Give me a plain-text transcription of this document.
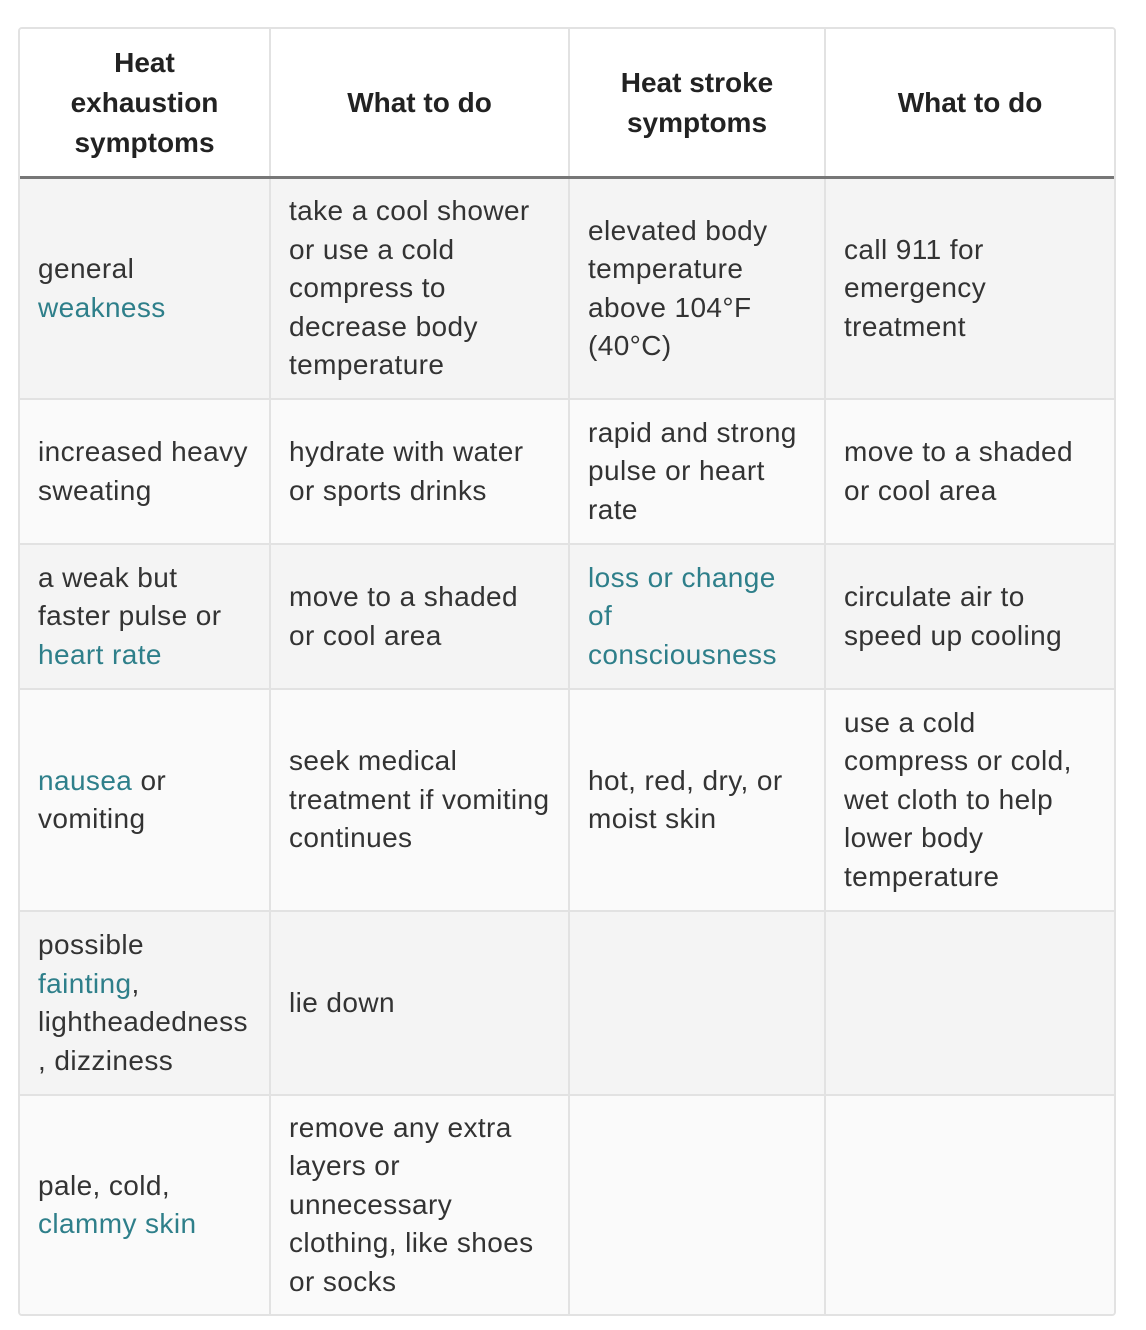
Heat exhaustion symptoms	What to do	Heat stroke symptoms	What to do
general weakness	take a cool shower or use a cold compress to decrease body temperature	elevated body temperature above 104°F (40°C)	call 911 for emergency treatment
increased heavy sweating	hydrate with water or sports drinks	rapid and strong pulse or heart rate	move to a shaded or cool area
a weak but faster pulse or heart rate	move to a shaded or cool area	loss or change of consciousness	circulate air to speed up cooling
nausea or vomiting	seek medical treatment if vomiting continues	hot, red, dry, or moist skin	use a cold compress or cold, wet cloth to help lower body temperature
possible fainting, lightheadedness, dizziness	lie down		
pale, cold, clammy skin	remove any extra layers or unnecessary clothing, like shoes or socks		
